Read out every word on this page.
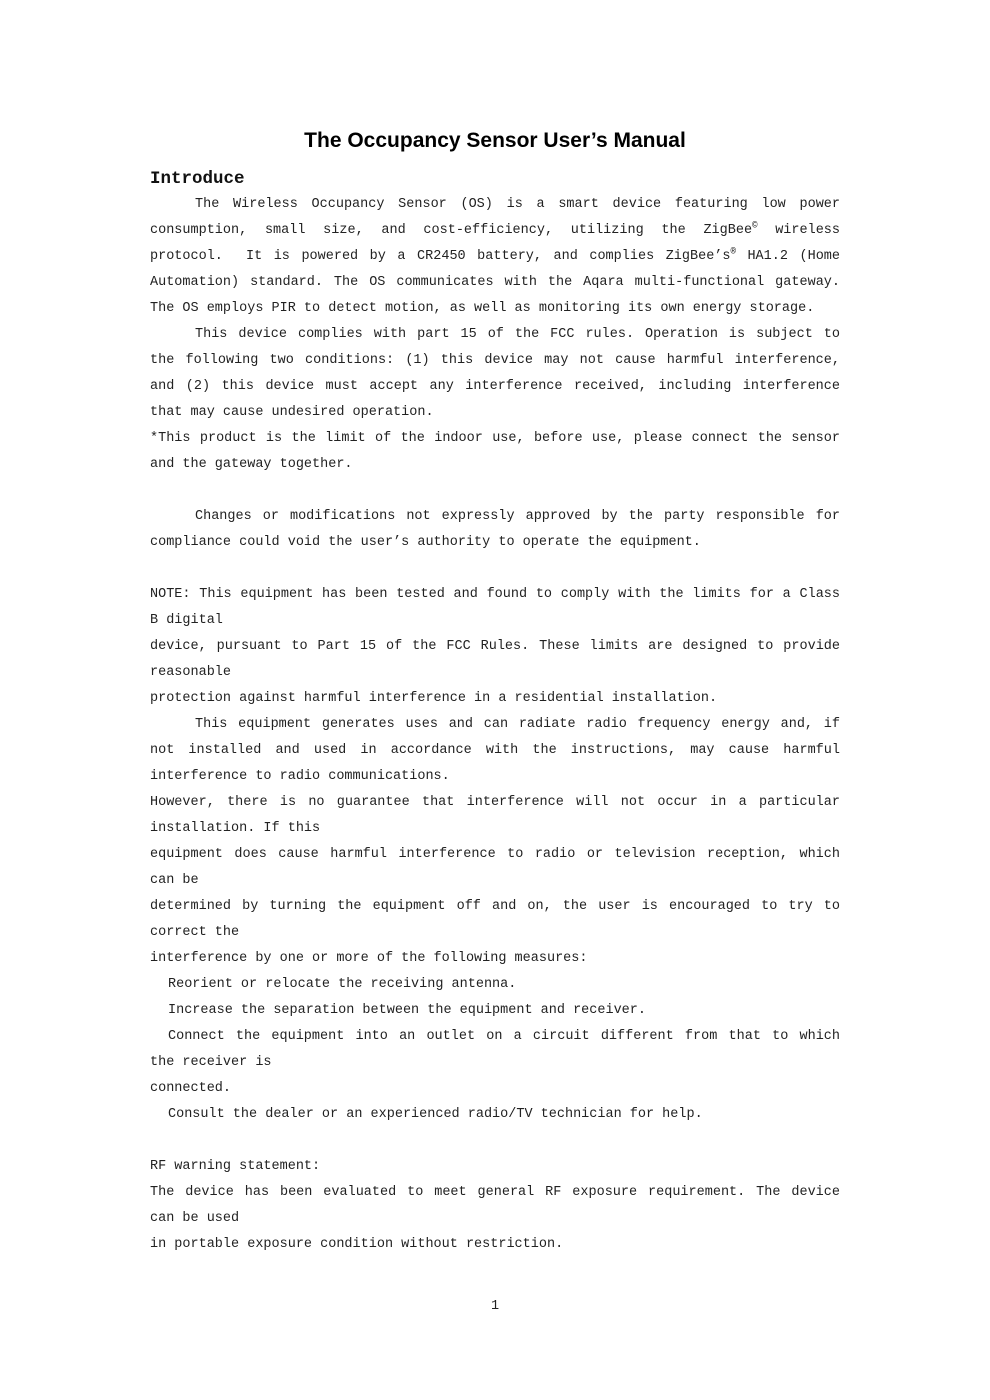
The Occupancy Sensor User’s Manual
Introduce
The Wireless Occupancy Sensor (OS) is a smart device featuring low power
consumption, small size, and cost-efficiency, utilizing the ZigBee© wireless
protocol.  It is powered by a CR2450 battery, and complies ZigBee’s® HA1.2 (Home
Automation) standard. The OS communicates with the Aqara multi-functional gateway.
The OS employs PIR to detect motion, as well as monitoring its own energy storage.
This device complies with part 15 of the FCC rules. Operation is subject to
the following two conditions: (1) this device may not cause harmful interference,
and (2) this device must accept any interference received, including interference
that may cause undesired operation.
*This product is the limit of the indoor use, before use, please connect the sensor
and the gateway together.
Changes or modifications not expressly approved by the party responsible for
compliance could void the user’s authority to operate the equipment.
NOTE: This equipment has been tested and found to comply with the limits for a Class
B digital
device, pursuant to Part 15 of the FCC Rules. These limits are designed to provide
reasonable
protection against harmful interference in a residential installation.
This equipment generates uses and can radiate radio frequency energy and, if
not installed and used in accordance with the instructions, may cause harmful
interference to radio communications.
However, there is no guarantee that interference will not occur in a particular
installation. If this
equipment does cause harmful interference to radio or television reception, which
can be
determined by turning the equipment off and on, the user is encouraged to try to
correct the
interference by one or more of the following measures:
Reorient or relocate the receiving antenna.
Increase the separation between the equipment and receiver.
Connect the equipment into an outlet on a circuit different from that to which
the receiver is
connected.
Consult the dealer or an experienced radio/TV technician for help.
RF warning statement:
The device has been evaluated to meet general RF exposure requirement. The device
can be used
in portable exposure condition without restriction.
1
